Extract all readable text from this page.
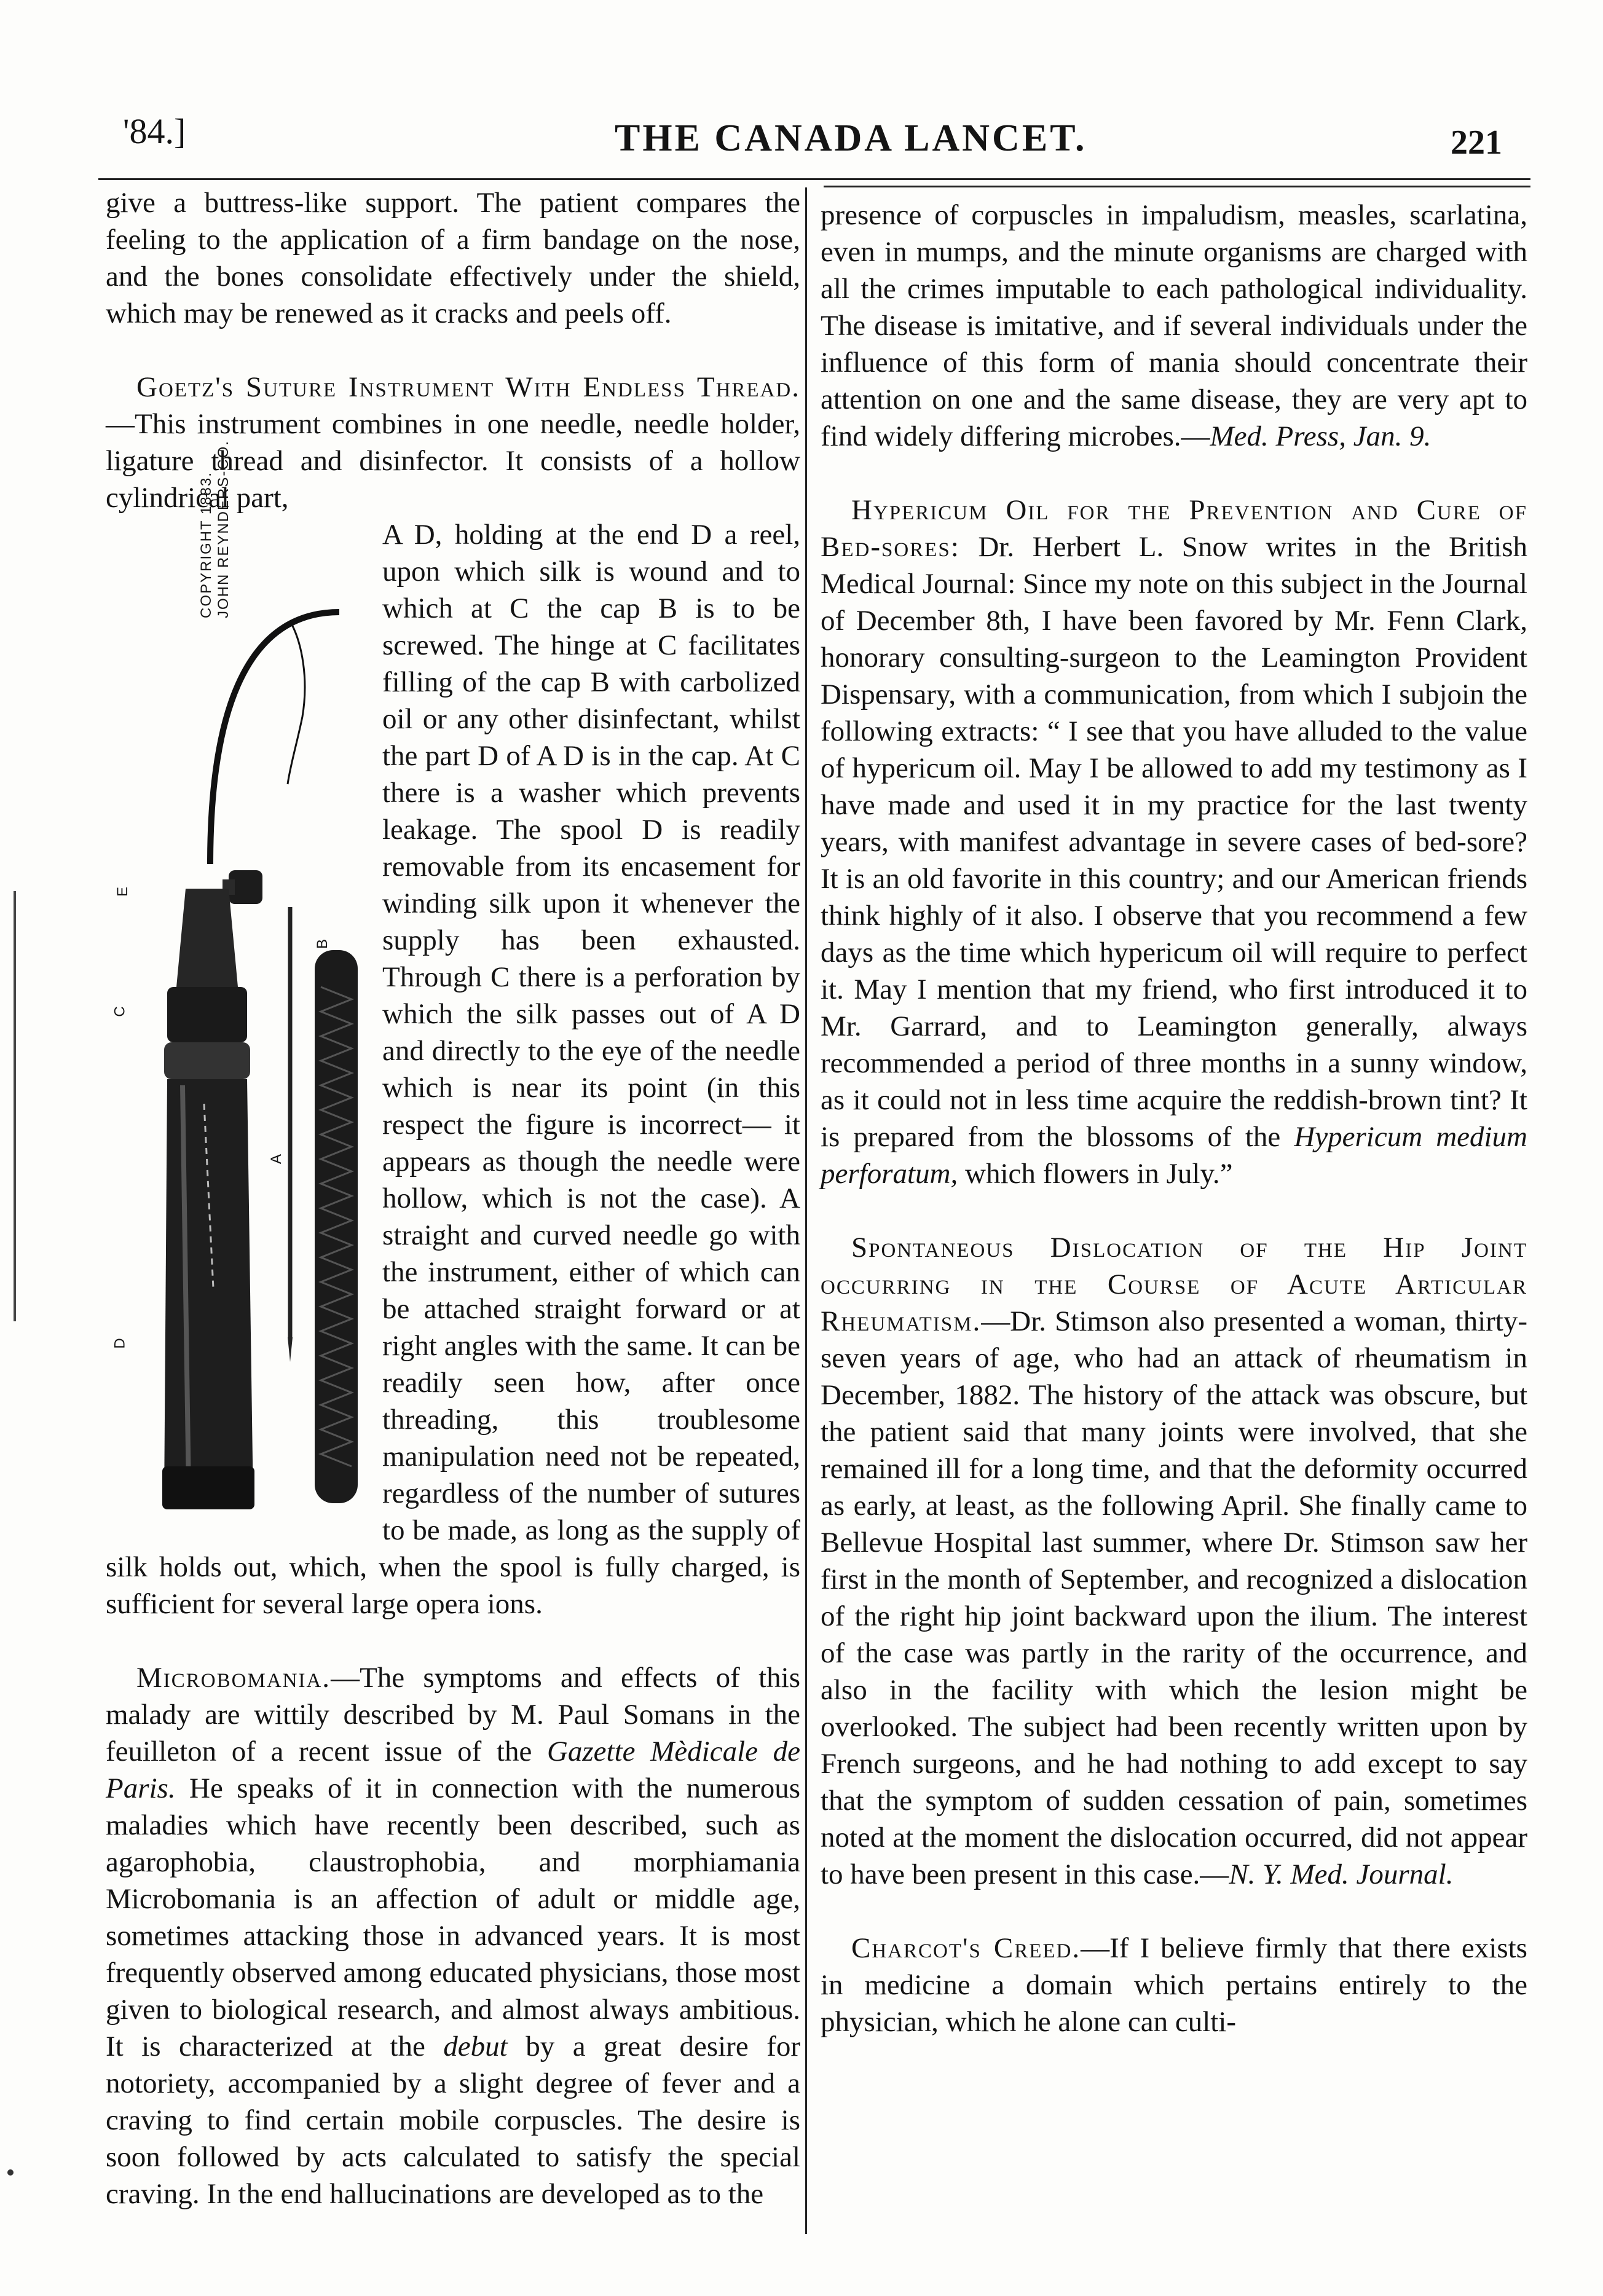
'84.]	THE CANADA LANCET.	221

give a buttress-like support. The patient compares the feeling to the application of a firm bandage on the nose, and the bones consolidate effectively under the shield, which may be renewed as it cracks and peels off.

Goetz's Suture Instrument With Endless Thread.—This instrument combines in one needle, needle holder, ligature thread and disinfector. It consists of a hollow cylindrical part,

COPYRIGHT 1883. JOHN REYNDERS-CO.
E
B
C
A
D

A D, holding at the end D a reel, upon which silk is wound and to which at C the cap B is to be screwed. The hinge at C facilitates filling of the cap B with carbolized oil or any other disinfectant, whilst the part D of A D is in the cap. At C there is a washer which prevents leakage. The spool D is readily removable from its encasement for winding silk upon it whenever the supply has been exhausted. Through C there is a perforation by which the silk passes out of A D and directly to the eye of the needle which is near its point (in this respect the figure is incorrect— it appears as though the needle were hollow, which is not the case). A straight and curved needle go with the instrument, either of which can be attached straight forward or at right angles with the same. It can be readily seen how, after once threading, this troublesome manipulation need not be repeated, regardless of the number of sutures to be made, as long as the supply of silk holds out, which, when the spool is fully charged, is sufficient for several large opera ions.

Microbomania.—The symptoms and effects of this malady are wittily described by M. Paul Somans in the feuilleton of a recent issue of the Gazette Mèdicale de Paris. He speaks of it in connection with the numerous maladies which have recently been described, such as agarophobia, claustrophobia, and morphiamania Microbomania is an affection of adult or middle age, sometimes attacking those in advanced years. It is most frequently observed among educated physicians, those most given to biological research, and almost always ambitious. It is characterized at the debut by a great desire for notoriety, accompanied by a slight degree of fever and a craving to find certain mobile corpuscles. The desire is soon followed by acts calculated to satisfy the special craving. In the end hallucinations are developed as to the

presence of corpuscles in impaludism, measles, scarlatina, even in mumps, and the minute organisms are charged with all the crimes imputable to each pathological individuality. The disease is imitative, and if several individuals under the influence of this form of mania should concentrate their attention on one and the same disease, they are very apt to find widely differing microbes.—Med. Press, Jan. 9.

Hypericum Oil for the Prevention and Cure of Bed-sores: Dr. Herbert L. Snow writes in the British Medical Journal: Since my note on this subject in the Journal of December 8th, I have been favored by Mr. Fenn Clark, honorary consulting-surgeon to the Leamington Provident Dispensary, with a communication, from which I subjoin the following extracts: “ I see that you have alluded to the value of hypericum oil. May I be allowed to add my testimony as I have made and used it in my practice for the last twenty years, with manifest advantage in severe cases of bed-sore? It is an old favorite in this country; and our American friends think highly of it also. I observe that you recommend a few days as the time which hypericum oil will require to perfect it. May I mention that my friend, who first introduced it to Mr. Garrard, and to Leamington generally, always recommended a period of three months in a sunny window, as it could not in less time acquire the reddish-brown tint? It is prepared from the blossoms of the Hypericum medium perforatum, which flowers in July.”

Spontaneous Dislocation of the Hip Joint occurring in the Course of Acute Articular Rheumatism.—Dr. Stimson also presented a woman, thirty-seven years of age, who had an attack of rheumatism in December, 1882. The history of the attack was obscure, but the patient said that many joints were involved, that she remained ill for a long time, and that the deformity occurred as early, at least, as the following April. She finally came to Bellevue Hospital last summer, where Dr. Stimson saw her first in the month of September, and recognized a dislocation of the right hip joint backward upon the ilium. The interest of the case was partly in the rarity of the occurrence, and also in the facility with which the lesion might be overlooked. The subject had been recently written upon by French surgeons, and he had nothing to add except to say that the symptom of sudden cessation of pain, sometimes noted at the moment the dislocation occurred, did not appear to have been present in this case.—N. Y. Med. Journal.

Charcot's Creed.—If I believe firmly that there exists in medicine a domain which pertains entirely to the physician, which he alone can culti-
